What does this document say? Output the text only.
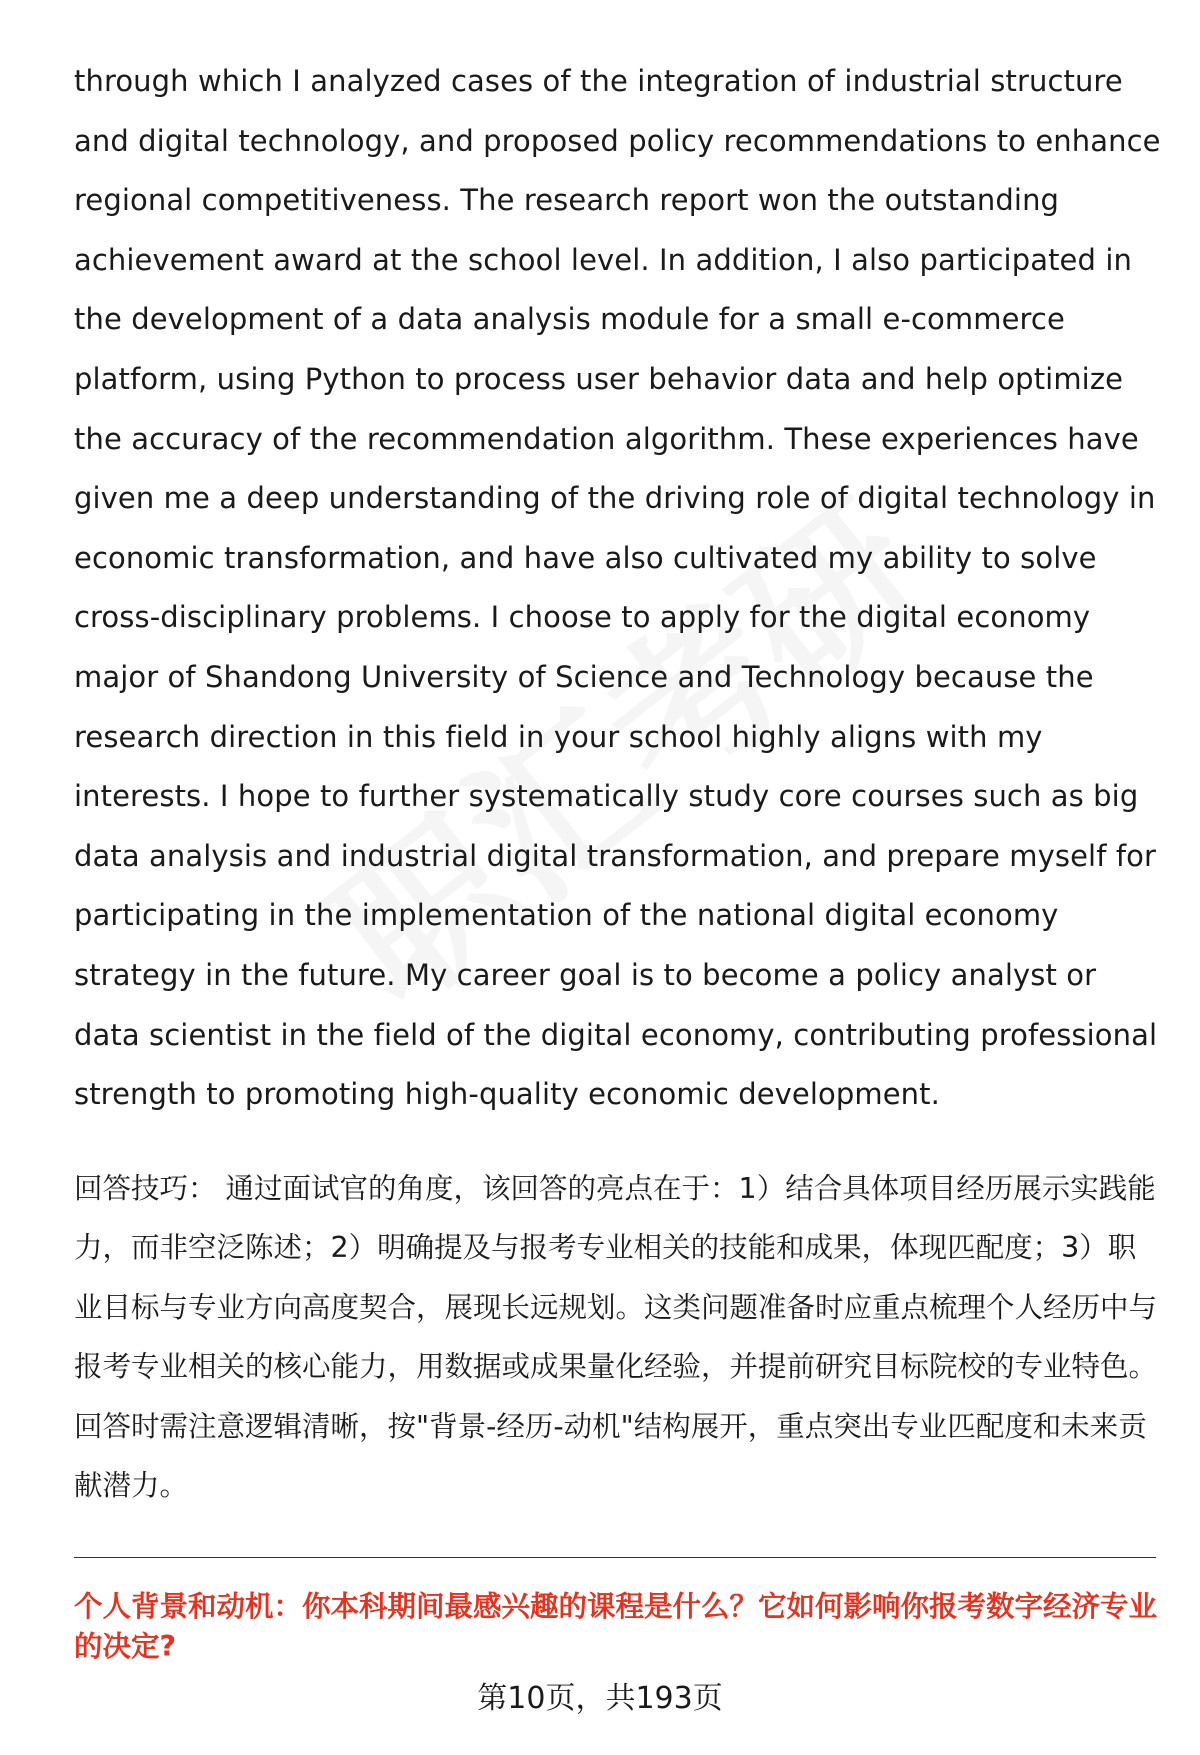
through which I analyzed cases of the integration of industrial structure and digital technology, and proposed policy recommendations to enhance regional competitiveness. The research report won the outstanding achievement award at the school level. In addition, I also participated in the development of a data analysis module for a small e-commerce platform, using Python to process user behavior data and help optimize the accuracy of the recommendation algorithm. These experiences have given me a deep understanding of the driving role of digital technology in economic transformation, and have also cultivated my ability to solve cross-disciplinary problems. I choose to apply for the digital economy major of Shandong University of Science and Technology because the research direction in this field in your school highly aligns with my interests. I hope to further systematically study core courses such as big data analysis and industrial digital transformation, and prepare myself for participating in the implementation of the national digital economy strategy in the future. My career goal is to become a policy analyst or data scientist in the field of the digital economy, contributing professional strength to promoting high-quality economic development.

回答技巧： 通过面试官的角度，该回答的亮点在于：1）结合具体项目经历展示实践能力，而非空泛陈述；2）明确提及与报考专业相关的技能和成果，体现匹配度；3）职业目标与专业方向高度契合，展现长远规划。这类问题准备时应重点梳理个人经历中与报考专业相关的核心能力，用数据或成果量化经验，并提前研究目标院校的专业特色。回答时需注意逻辑清晰，按"背景-经历-动机"结构展开，重点突出专业匹配度和未来贡献潜力。

个人背景和动机：你本科期间最感兴趣的课程是什么？它如何影响你报考数字经济专业的决定?

第10页，共193页
